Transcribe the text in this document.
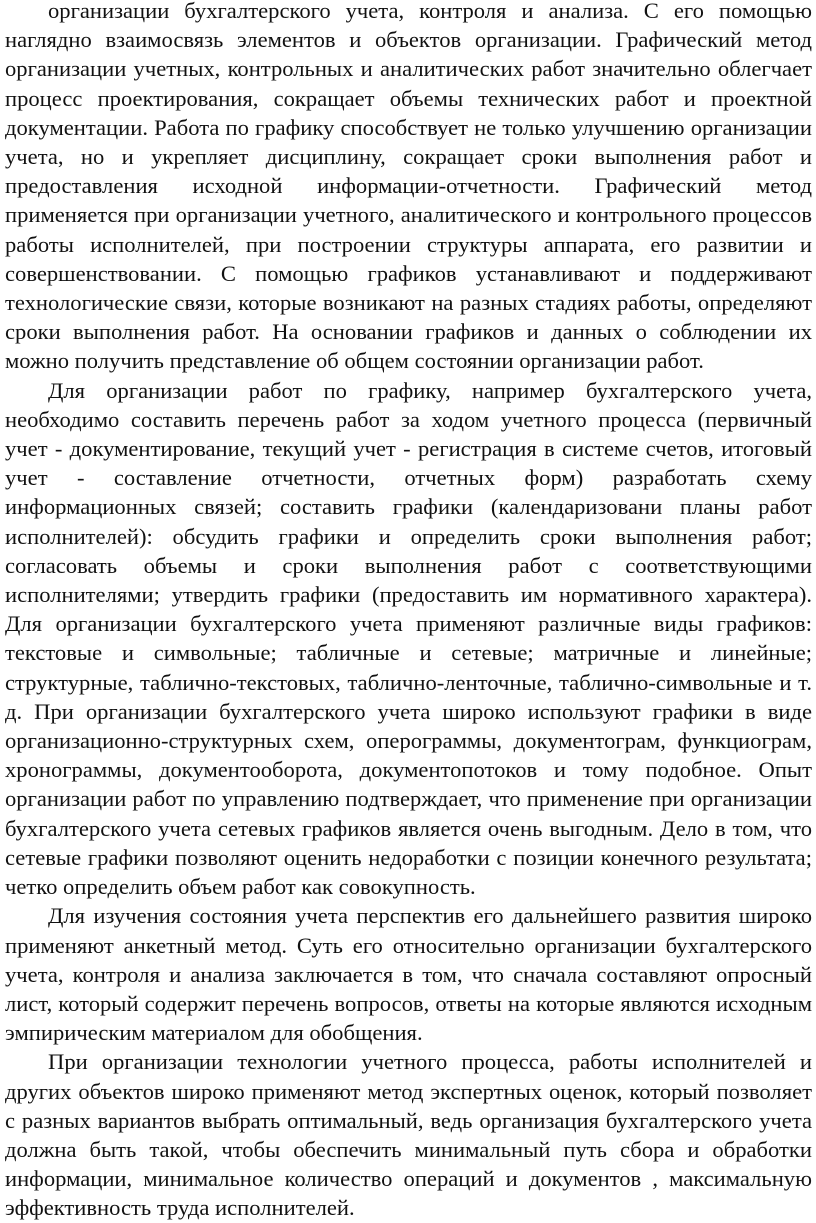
организации бухгалтерского учета, контроля и анализа. С его помощью наглядно взаимосвязь элементов и объектов организации. Графический метод организации учетных, контрольных и аналитических работ значительно облегчает процесс проектирования, сокращает объемы технических работ и проектной документации. Работа по графику способствует не только улучшению организации учета, но и укрепляет дисциплину, сокращает сроки выполнения работ и предоставления исходной информации-отчетности. Графический метод применяется при организации учетного, аналитического и контрольного процессов работы исполнителей, при построении структуры аппарата, его развитии и совершенствовании. С помощью графиков устанавливают и поддерживают технологические связи, которые возникают на разных стадиях работы, определяют сроки выполнения работ. На основании графиков и данных о соблюдении их можно получить представление об общем состоянии организации работ.

Для организации работ по графику, например бухгалтерского учета, необходимо составить перечень работ за ходом учетного процесса (первичный учет - документирование, текущий учет - регистрация в системе счетов, итоговый учет - составление отчетности, отчетных форм) разработать схему информационных связей; составить графики (календаризовани планы работ исполнителей): обсудить графики и определить сроки выполнения работ; согласовать объемы и сроки выполнения работ с соответствующими исполнителями; утвердить графики (предоставить им нормативного характера). Для организации бухгалтерского учета применяют различные виды графиков: текстовые и символьные; табличные и сетевые; матричные и линейные; структурные, таблично-текстовых, таблично-ленточные, таблично-символьные и т. д. При организации бухгалтерского учета широко используют графики в виде организационно-структурных схем, оперограммы, документограм, функциограм, хронограммы, документооборота, документопотоков и тому подобное. Опыт организации работ по управлению подтверждает, что применение при организации бухгалтерского учета сетевых графиков является очень выгодным. Дело в том, что сетевые графики позволяют оценить недоработки с позиции конечного результата; четко определить объем работ как совокупность.

Для изучения состояния учета перспектив его дальнейшего развития широко применяют анкетный метод. Суть его относительно организации бухгалтерского учета, контроля и анализа заключается в том, что сначала составляют опросный лист, который содержит перечень вопросов, ответы на которые являются исходным эмпирическим материалом для обобщения.

При организации технологии учетного процесса, работы исполнителей и других объектов широко применяют метод экспертных оценок, который позволяет с разных вариантов выбрать оптимальный, ведь организация бухгалтерского учета должна быть такой, чтобы обеспечить минимальный путь сбора и обработки информации, минимальное количество операций и документов , максимальную эффективность труда исполнителей.
